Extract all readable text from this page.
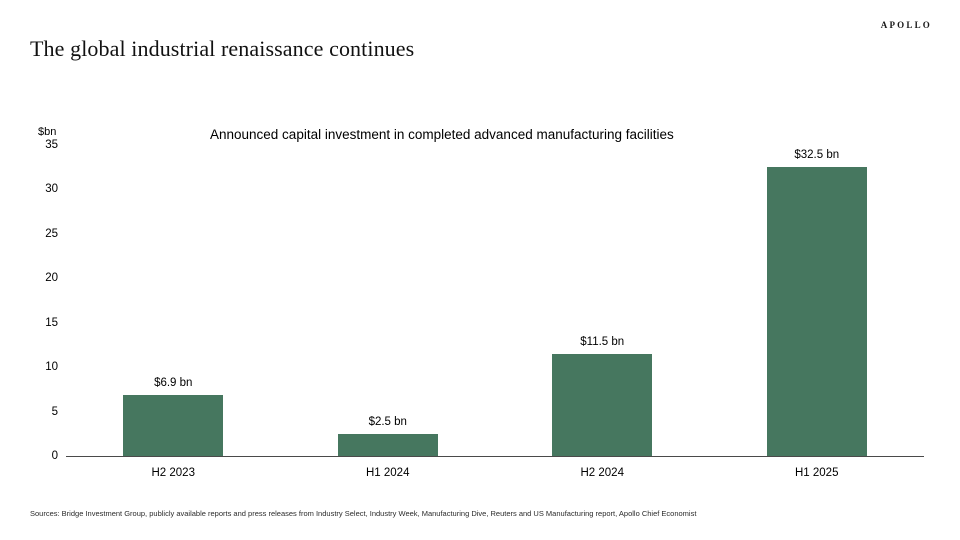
APOLLO
The global industrial renaissance continues
$bn	Announced capital investment in completed advanced manufacturing facilities
0
5
10
15
20
25
30
35
$6.9 bn
H2 2023
$2.5 bn
H1 2024
$11.5 bn
H2 2024
$32.5 bn
H1 2025
Sources: Bridge Investment Group, publicly available reports and press releases from Industry Select, Industry Week, Manufacturing Dive, Reuters and US Manufacturing report, Apollo Chief Economist
